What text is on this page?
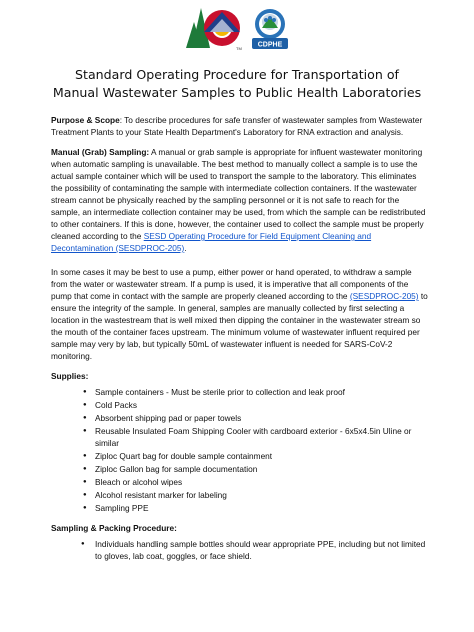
TM CDPHE
Standard Operating Procedure for Transportation of
Manual Wastewater Samples to Public Health Laboratories

Purpose & Scope: To describe procedures for safe transfer of wastewater samples from Wastewater Treatment Plants to your State Health Department's Laboratory for RNA extraction and analysis.

Manual (Grab) Sampling: A manual or grab sample is appropriate for influent wastewater monitoring when automatic sampling is unavailable. The best method to manually collect a sample is to use the actual sample container which will be used to transport the sample to the laboratory. This eliminates the possibility of contaminating the sample with intermediate collection containers. If the wastewater stream cannot be physically reached by the sampling personnel or it is not safe to reach for the sample, an intermediate collection container may be used, from which the sample can be redistributed to other containers. If this is done, however, the container used to collect the sample must be properly cleaned according to the SESD Operating Procedure for Field Equipment Cleaning and Decontamination (SESDPROC-205).

In some cases it may be best to use a pump, either power or hand operated, to withdraw a sample from the water or wastewater stream. If a pump is used, it is imperative that all components of the pump that come in contact with the sample are properly cleaned according to the (SESDPROC-205) to ensure the integrity of the sample. In general, samples are manually collected by first selecting a location in the wastestream that is well mixed then dipping the container in the wastewater stream so the mouth of the container faces upstream. The minimum volume of wastewater influent required per sample may very by lab, but typically 50mL of wastewater influent is needed for SARS-CoV-2 monitoring.

Supplies:
● Sample containers - Must be sterile prior to collection and leak proof
● Cold Packs
● Absorbent shipping pad or paper towels
● Reusable Insulated Foam Shipping Cooler with cardboard exterior - 6x5x4.5in Uline or similar
● Ziploc Quart bag for double sample containment
● Ziploc Gallon bag for sample documentation
● Bleach or alcohol wipes
● Alcohol resistant marker for labeling
● Sampling PPE
Sampling & Packing Procedure:
● Individuals handling sample bottles should wear appropriate PPE, including but not limited to gloves, lab coat, goggles, or face shield.
